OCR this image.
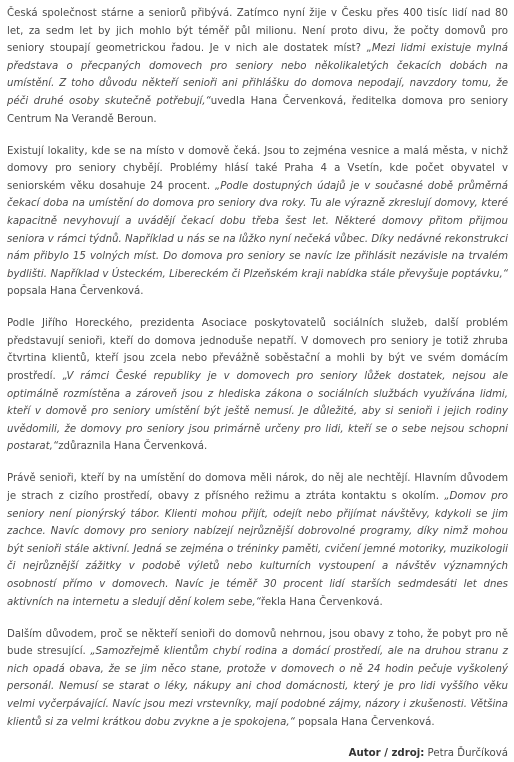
Česká společnost stárne a seniorů přibývá. Zatímco nyní žije v Česku přes 400 tisíc lidí nad 80 let, za sedm let by jich mohlo být téměř půl milionu. Není proto divu, že počty domovů pro seniory stoupají geometrickou řadou. Je v nich ale dostatek míst? „Mezi lidmi existuje mylná představa o přecpaných domovech pro seniory nebo několikaletých čekacích dobách na umístění. Z toho důvodu někteří senioři ani přihlášku do domova nepodají, navzdory tomu, že péči druhé osoby skutečně potřebují,“uvedla Hana Červenková, ředitelka domova pro seniory Centrum Na Verandě Beroun.

Existují lokality, kde se na místo v domově čeká. Jsou to zejména vesnice a malá města, v nichž domovy pro seniory chybějí. Problémy hlásí také Praha 4 a Vsetín, kde počet obyvatel v seniorském věku dosahuje 24 procent. „Podle dostupných údajů je v současné době průměrná čekací doba na umístění do domova pro seniory dva roky. Tu ale výrazně zkreslují domovy, které kapacitně nevyhovují a uvádějí čekací dobu třeba šest let. Některé domovy přitom přijmou seniora v rámci týdnů. Například u nás se na lůžko nyní nečeká vůbec. Díky nedávné rekonstrukci nám přibylo 15 volných míst. Do domova pro seniory se navíc lze přihlásit nezávisle na trvalém bydlišti. Například v Ústeckém, Libereckém či Plzeňském kraji nabídka stále převyšuje poptávku,“ popsala Hana Červenková.

Podle Jiřího Horeckého, prezidenta Asociace poskytovatelů sociálních služeb, další problém představují senioři, kteří do domova jednoduše nepatří. V domovech pro seniory je totiž zhruba čtvrtina klientů, kteří jsou zcela nebo převážně soběstační a mohli by být ve svém domácím prostředí. „V rámci České republiky je v domovech pro seniory lůžek dostatek, nejsou ale optimálně rozmístěna a zároveň jsou z hlediska zákona o sociálních službách využívána lidmi, kteří v domově pro seniory umístění být ještě nemusí. Je důležité, aby si senioři i jejich rodiny uvědomili, že domovy pro seniory jsou primárně určeny pro lidi, kteří se o sebe nejsou schopni postarat,“zdůraznila Hana Červenková.

Právě senioři, kteří by na umístění do domova měli nárok, do něj ale nechtějí. Hlavním důvodem je strach z cizího prostředí, obavy z přísného režimu a ztráta kontaktu s okolím. „Domov pro seniory není pionýrský tábor. Klienti mohou přijít, odejít nebo přijímat návštěvy, kdykoli se jim zachce. Navíc domovy pro seniory nabízejí nejrůznější dobrovolné programy, díky nimž mohou být senioři stále aktivní. Jedná se zejména o tréninky paměti, cvičení jemné motoriky, muzikologii či nejrůznější zážitky v podobě výletů nebo kulturních vystoupení a návštěv významných osobností přímo v domovech. Navíc je téměř 30 procent lidí starších sedmdesáti let dnes aktivních na internetu a sledují dění kolem sebe,“řekla Hana Červenková.

Dalším důvodem, proč se někteří senioři do domovů nehrnou, jsou obavy z toho, že pobyt pro ně bude stresující. „Samozřejmě klientům chybí rodina a domácí prostředí, ale na druhou stranu z nich opadá obava, že se jim něco stane, protože v domovech o ně 24 hodin pečuje vyškolený personál. Nemusí se starat o léky, nákupy ani chod domácnosti, který je pro lidi vyššího věku velmi vyčerpávající. Navíc jsou mezi vrstevníky, mají podobné zájmy, názory i zkušenosti. Většina klientů si za velmi krátkou dobu zvykne a je spokojena,“ popsala Hana Červenková.

Autor / zdroj: Petra Ďurčíková
